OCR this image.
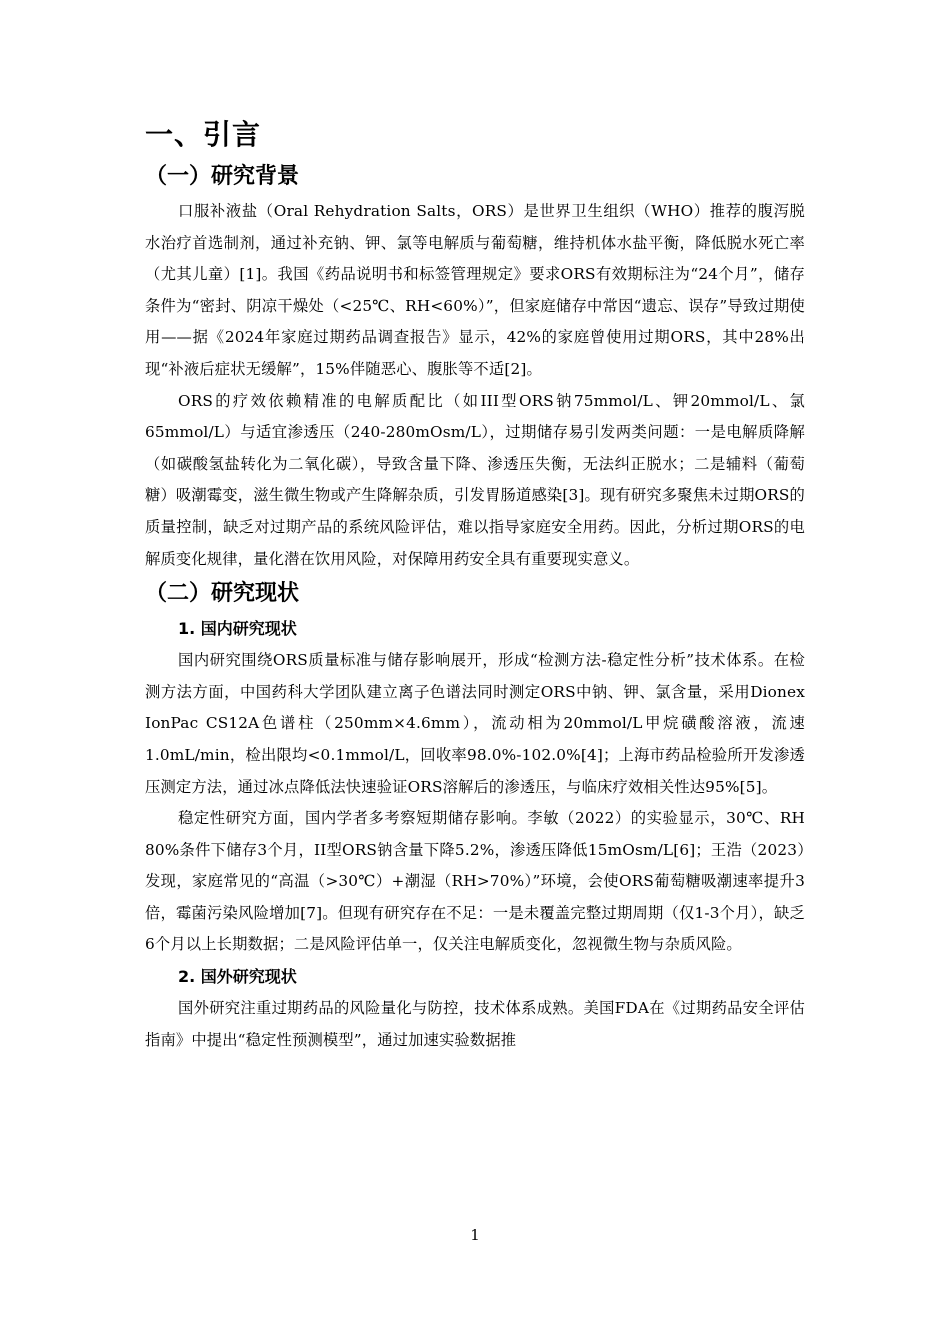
一、引言
（一）研究背景

口服补液盐（Oral Rehydration Salts，ORS）是世界卫生组织（WHO）推荐的腹泻脱水治疗首选制剂，通过补充钠、钾、氯等电解质与葡萄糖，维持机体水盐平衡，降低脱水死亡率（尤其儿童）[1]。我国《药品说明书和标签管理规定》要求ORS有效期标注为“24个月”，储存条件为“密封、阴凉干燥处（<25℃、RH<60%）”，但家庭储存中常因“遗忘、误存”导致过期使用——据《2024年家庭过期药品调查报告》显示，42%的家庭曾使用过期ORS，其中28%出现“补液后症状无缓解”，15%伴随恶心、腹胀等不适[2]。

ORS的疗效依赖精准的电解质配比（如III型ORS钠75mmol/L、钾20mmol/L、氯65mmol/L）与适宜渗透压（240-280mOsm/L），过期储存易引发两类问题：一是电解质降解（如碳酸氢盐转化为二氧化碳），导致含量下降、渗透压失衡，无法纠正脱水；二是辅料（葡萄糖）吸潮霉变，滋生微生物或产生降解杂质，引发胃肠道感染[3]。现有研究多聚焦未过期ORS的质量控制，缺乏对过期产品的系统风险评估，难以指导家庭安全用药。因此，分析过期ORS的电解质变化规律，量化潜在饮用风险，对保障用药安全具有重要现实意义。

（二）研究现状
1. 国内研究现状

国内研究围绕ORS质量标准与储存影响展开，形成“检测方法-稳定性分析”技术体系。在检测方法方面，中国药科大学团队建立离子色谱法同时测定ORS中钠、钾、氯含量，采用Dionex IonPac CS12A色谱柱（250mm×4.6mm），流动相为20mmol/L甲烷磺酸溶液，流速1.0mL/min，检出限均<0.1mmol/L，回收率98.0%-102.0%[4]；上海市药品检验所开发渗透压测定方法，通过冰点降低法快速验证ORS溶解后的渗透压，与临床疗效相关性达95%[5]。

稳定性研究方面，国内学者多考察短期储存影响。李敏（2022）的实验显示，30℃、RH 80%条件下储存3个月，II型ORS钠含量下降5.2%，渗透压降低15mOsm/L[6]；王浩（2023）发现，家庭常见的“高温（>30℃）+潮湿（RH>70%）”环境，会使ORS葡萄糖吸潮速率提升3倍，霉菌污染风险增加[7]。但现有研究存在不足：一是未覆盖完整过期周期（仅1-3个月），缺乏6个月以上长期数据；二是风险评估单一，仅关注电解质变化，忽视微生物与杂质风险。

2. 国外研究现状

国外研究注重过期药品的风险量化与防控，技术体系成熟。美国FDA在《过期药品安全评估指南》中提出“稳定性预测模型”，通过加速实验数据推

1
